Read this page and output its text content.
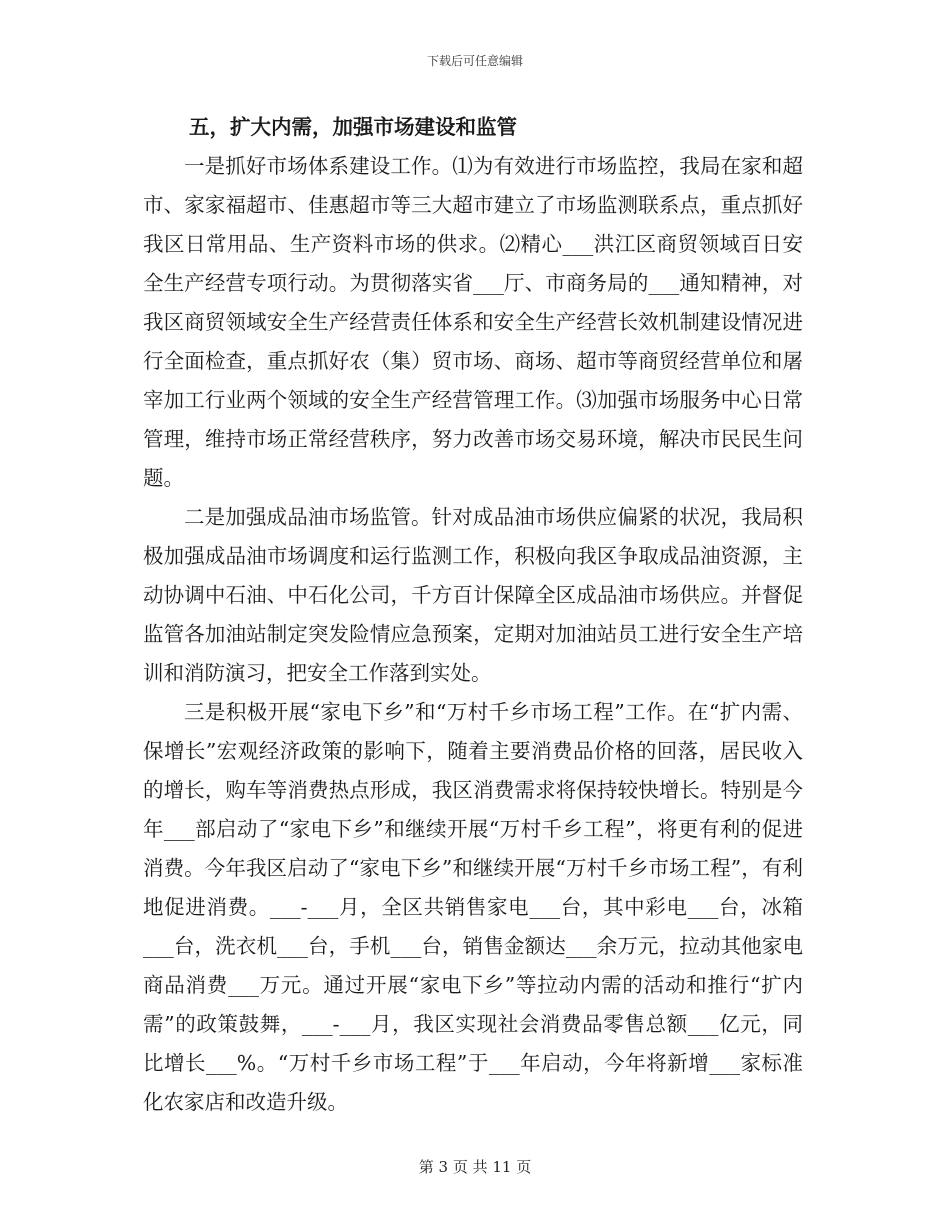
下载后可任意编辑

五，扩大内需，加强市场建设和监管

一是抓好市场体系建设工作。⑴为有效进行市场监控，我局在家和超市、家家福超市、佳惠超市等三大超市建立了市场监测联系点，重点抓好我区日常用品、生产资料市场的供求。⑵精心___洪江区商贸领域百日安全生产经营专项行动。为贯彻落实省___厅、市商务局的___通知精神，对我区商贸领域安全生产经营责任体系和安全生产经营长效机制建设情况进行全面检查，重点抓好农（集）贸市场、商场、超市等商贸经营单位和屠宰加工行业两个领域的安全生产经营管理工作。⑶加强市场服务中心日常管理，维持市场正常经营秩序，努力改善市场交易环境，解决市民民生问题。

二是加强成品油市场监管。针对成品油市场供应偏紧的状况，我局积极加强成品油市场调度和运行监测工作，积极向我区争取成品油资源，主动协调中石油、中石化公司，千方百计保障全区成品油市场供应。并督促监管各加油站制定突发险情应急预案，定期对加油站员工进行安全生产培训和消防演习，把安全工作落到实处。

三是积极开展“家电下乡”和“万村千乡市场工程”工作。在“扩内需、保增长”宏观经济政策的影响下，随着主要消费品价格的回落，居民收入的增长，购车等消费热点形成，我区消费需求将保持较快增长。特别是今年___部启动了“家电下乡”和继续开展“万村千乡工程”，将更有利的促进消费。今年我区启动了“家电下乡”和继续开展“万村千乡市场工程”，有利地促进消费。___-___月，全区共销售家电___台，其中彩电___台，冰箱___台，洗衣机___台，手机___台，销售金额达___余万元，拉动其他家电商品消费___万元。通过开展“家电下乡”等拉动内需的活动和推行“扩内需”的政策鼓舞，___-___月，我区实现社会消费品零售总额___亿元，同比增长___%。“万村千乡市场工程”于___年启动，今年将新增___家标准化农家店和改造升级。

第 3 页 共 11 页
